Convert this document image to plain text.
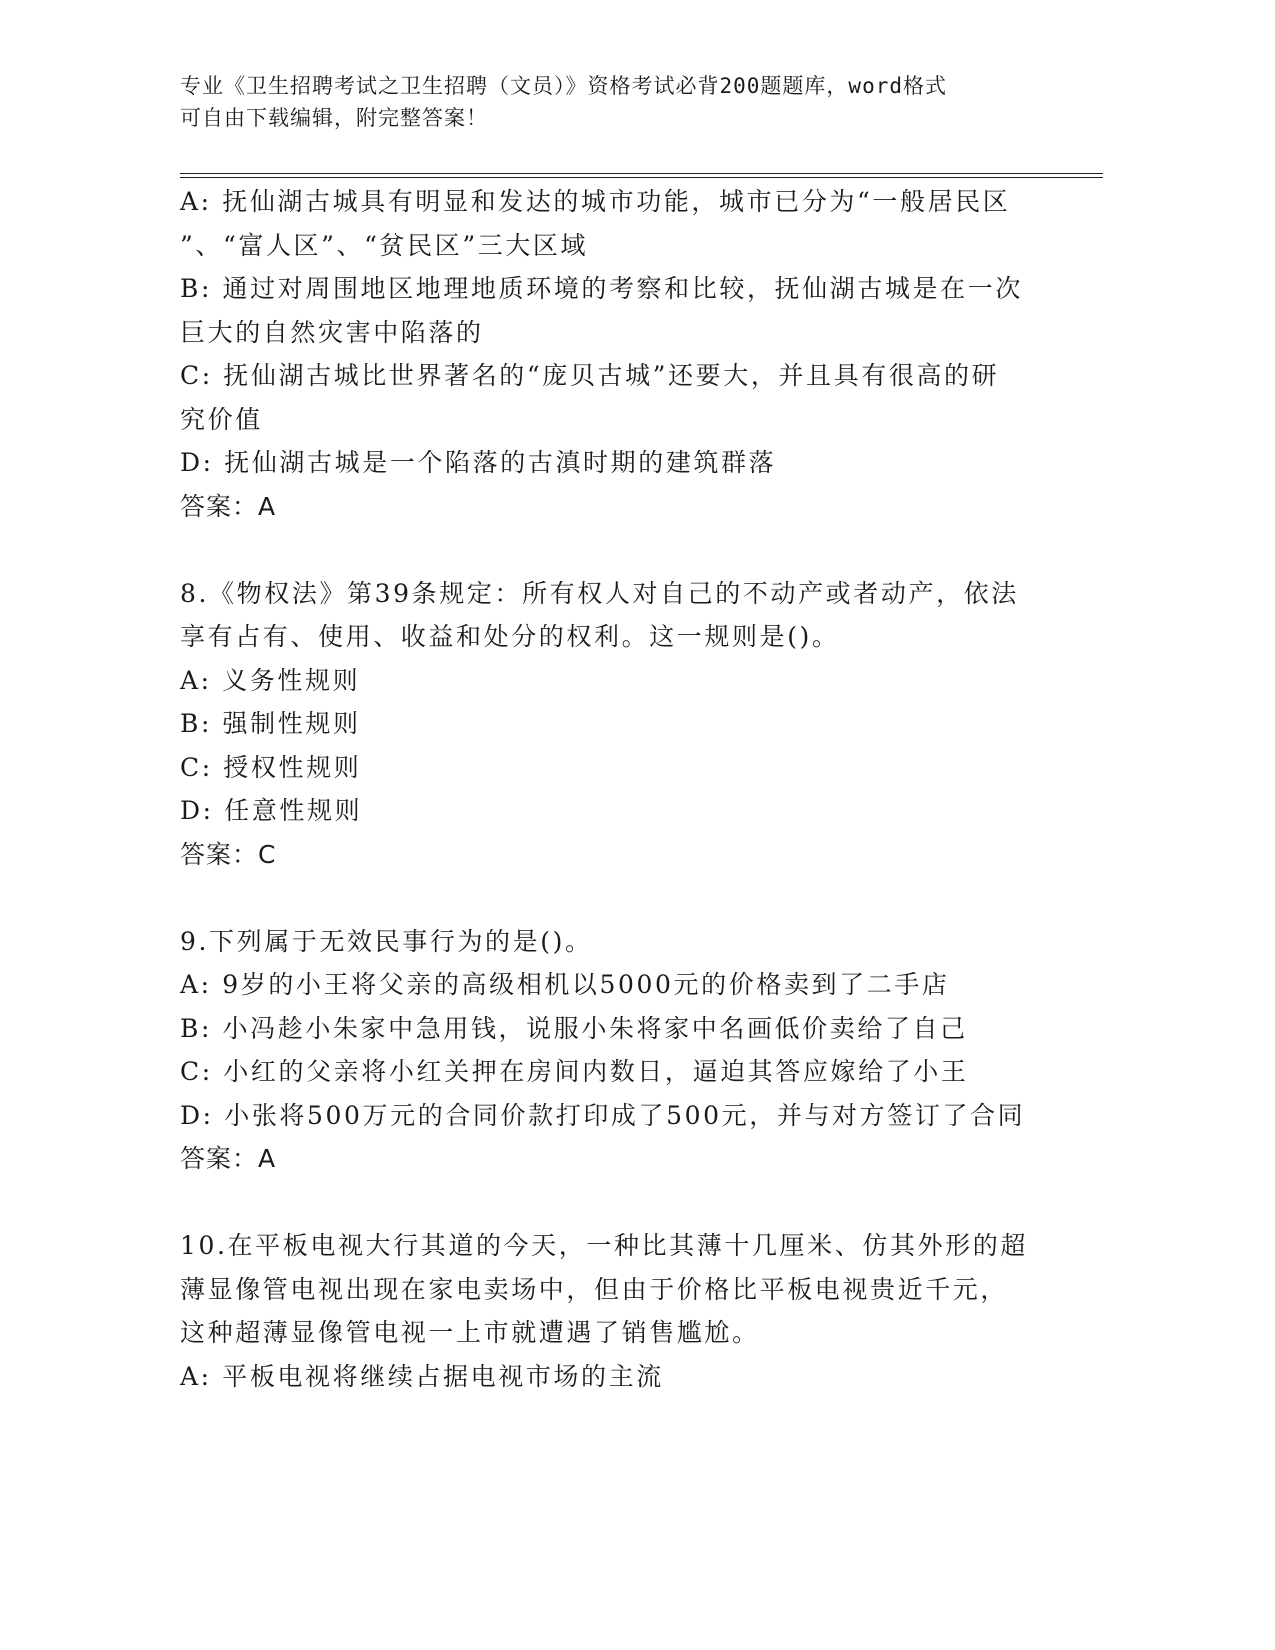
专业《卫生招聘考试之卫生招聘（文员）》资格考试必背200题题库，word格式
可自由下载编辑，附完整答案！
A: 抚仙湖古城具有明显和发达的城市功能，城市已分为“一般居民区
”、“富人区”、“贫民区”三大区域
B: 通过对周围地区地理地质环境的考察和比较，抚仙湖古城是在一次
巨大的自然灾害中陷落的
C: 抚仙湖古城比世界著名的“庞贝古城”还要大，并且具有很高的研
究价值
D: 抚仙湖古城是一个陷落的古滇时期的建筑群落
答案：A
8.《物权法》第39条规定：所有权人对自己的不动产或者动产，依法
享有占有、使用、收益和处分的权利。这一规则是()。
A: 义务性规则
B: 强制性规则
C: 授权性规则
D: 任意性规则
答案：C
9.下列属于无效民事行为的是()。
A: 9岁的小王将父亲的高级相机以5000元的价格卖到了二手店
B: 小冯趁小朱家中急用钱，说服小朱将家中名画低价卖给了自己
C: 小红的父亲将小红关押在房间内数日，逼迫其答应嫁给了小王
D: 小张将500万元的合同价款打印成了500元，并与对方签订了合同
答案：A
10.在平板电视大行其道的今天，一种比其薄十几厘米、仿其外形的超
薄显像管电视出现在家电卖场中，但由于价格比平板电视贵近千元，
这种超薄显像管电视一上市就遭遇了销售尴尬。
A: 平板电视将继续占据电视市场的主流
